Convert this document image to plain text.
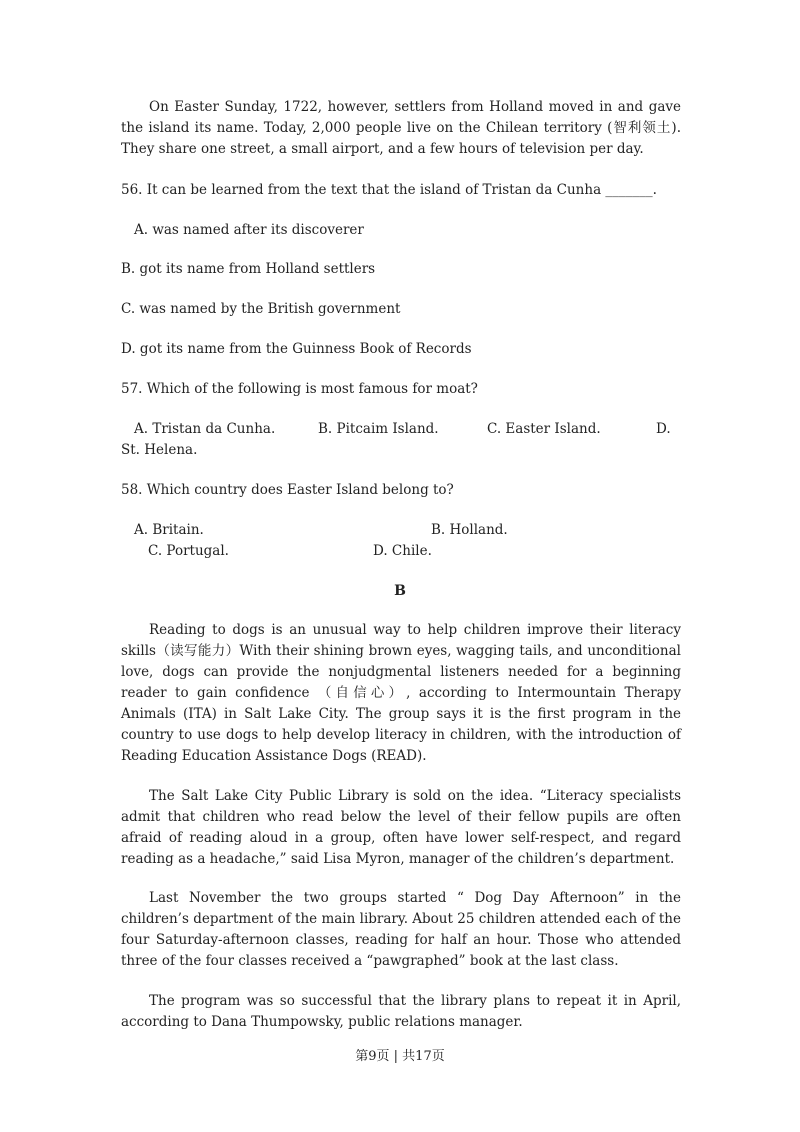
On Easter Sunday, 1722, however, settlers from Holland moved in and gave the island its name. Today, 2,000 people live on the Chilean territory (智利领土). They share one street, a small airport, and a few hours of television per day.
56. It can be learned from the text that the island of Tristan da Cunha _______.
A. was named after its discoverer
B. got its name from Holland settlers
C. was named by the British government
D. got its name from the Guinness Book of Records
57. Which of the following is most famous for moat?
A. Tristan da Cunha.	B. Pitcaim Island.	C. Easter Island.	D.
St. Helena.
58. Which country does Easter Island belong to?
A. Britain.	B. Holland.
C. Portugal.	D. Chile.
B
Reading to dogs is an unusual way to help children improve their literacy skills（读写能力）With their shining brown eyes, wagging tails, and unconditional love, dogs can provide the nonjudgmental listeners needed for a beginning reader to gain confidence （自信心）, according to Intermountain Therapy Animals (ITA) in Salt Lake City. The group says it is the first program in the country to use dogs to help develop literacy in children, with the introduction of Reading Education Assistance Dogs (READ).
The Salt Lake City Public Library is sold on the idea. “Literacy specialists admit that children who read below the level of their fellow pupils are often afraid of reading aloud in a group, often have lower self-respect, and regard reading as a headache,” said Lisa Myron, manager of the children’s department.
Last November the two groups started “ Dog Day Afternoon” in the children’s department of the main library. About 25 children attended each of the four Saturday-afternoon classes, reading for half an hour. Those who attended three of the four classes received a “pawgraphed” book at the last class.
The program was so successful that the library plans to repeat it in April, according to Dana Thumpowsky, public relations manager.
第9页 | 共17页
